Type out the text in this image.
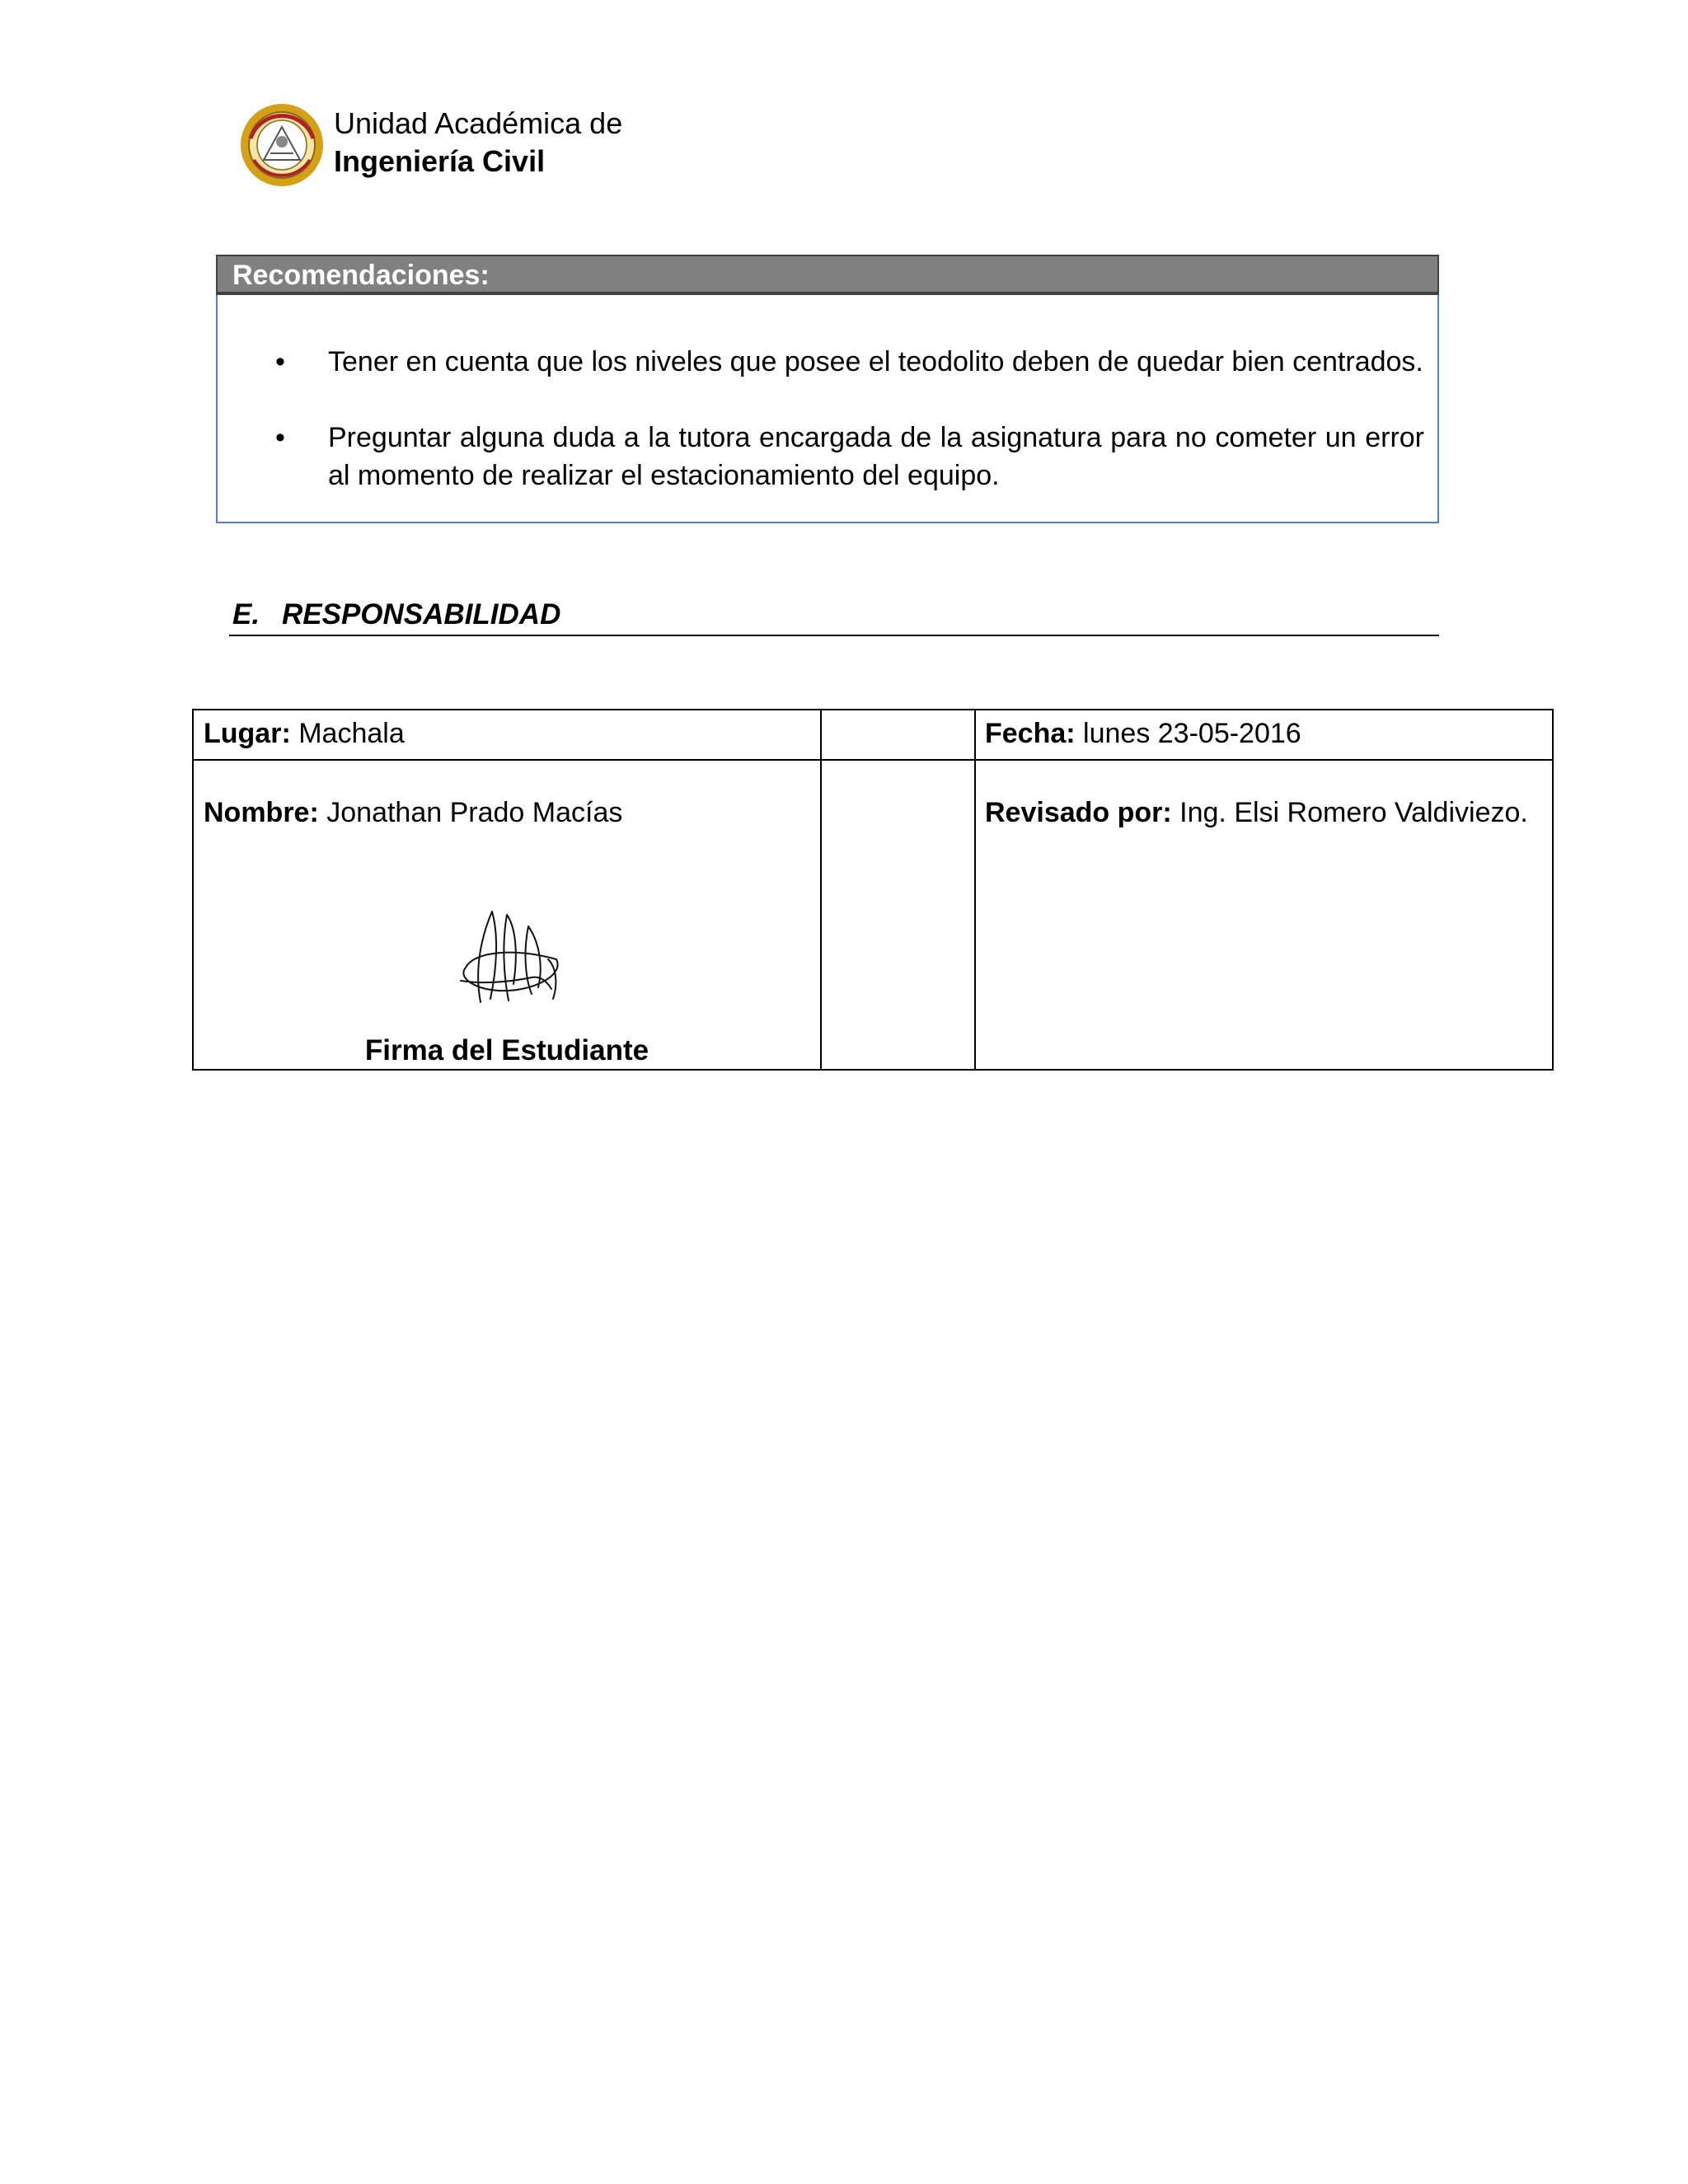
Unidad Académica de
Ingeniería Civil
Recomendaciones:
• Tener en cuenta que los niveles que posee el teodolito deben de quedar bien centrados.
• Preguntar alguna duda a la tutora encargada de la asignatura para no cometer un error al momento de realizar el estacionamiento del equipo.
E. RESPONSABILIDAD
Lugar: Machala	Fecha: lunes 23-05-2016
Nombre: Jonathan Prado Macías	Revisado por: Ing. Elsi Romero Valdiviezo.
Firma del Estudiante
